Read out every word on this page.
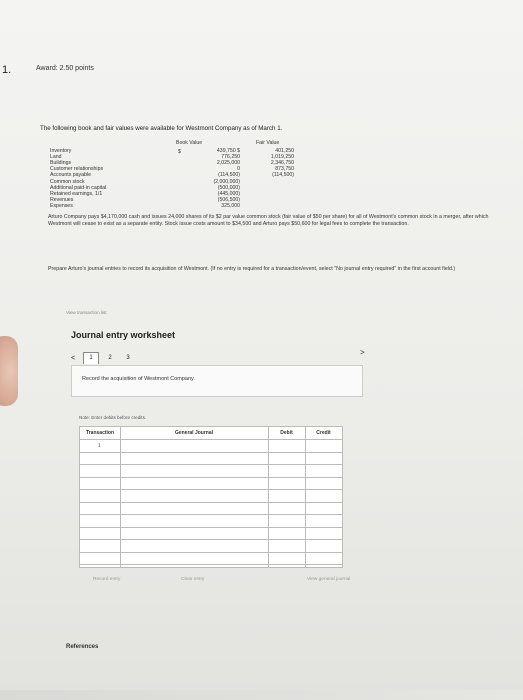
1.	Award: 2.50 points
The following book and fair values were available for Westmont Company as of March 1.
Book Value	Fair Value
$
Inventory	439,750 $	401,250
Land	776,250	1,019,250
Buildings	2,025,000	2,346,750
Customer relationships	0	873,750
Accounts payable	(114,500)	(114,500)
Common stock	(2,000,000)
Additional paid-in capital	(500,000)
Retained earnings, 1/1	(445,000)
Revenues	(506,500)
Expenses	325,000
Arturo Company pays $4,170,000 cash and issues 24,000 shares of its $2 par value common stock (fair value of $50 per share) for all of Westmont's common stock in a merger, after which Westmont will cease to exist as a separate entity. Stock issue costs amount to $34,500 and Arturo pays $50,600 for legal fees to complete the transaction.
Prepare Arturo's journal entries to record its acquisition of Westmont. (If no entry is required for a transaction/event, select "No journal entry required" in the first account field.)
View transaction list
Journal entry worksheet
>
<	1	2	3
Record the acquisition of Westmont Company.
Note: Enter debits before credits.
Transaction	General Journal	Debit	Credit
1
Record entry	Clear entry	View general journal
References
